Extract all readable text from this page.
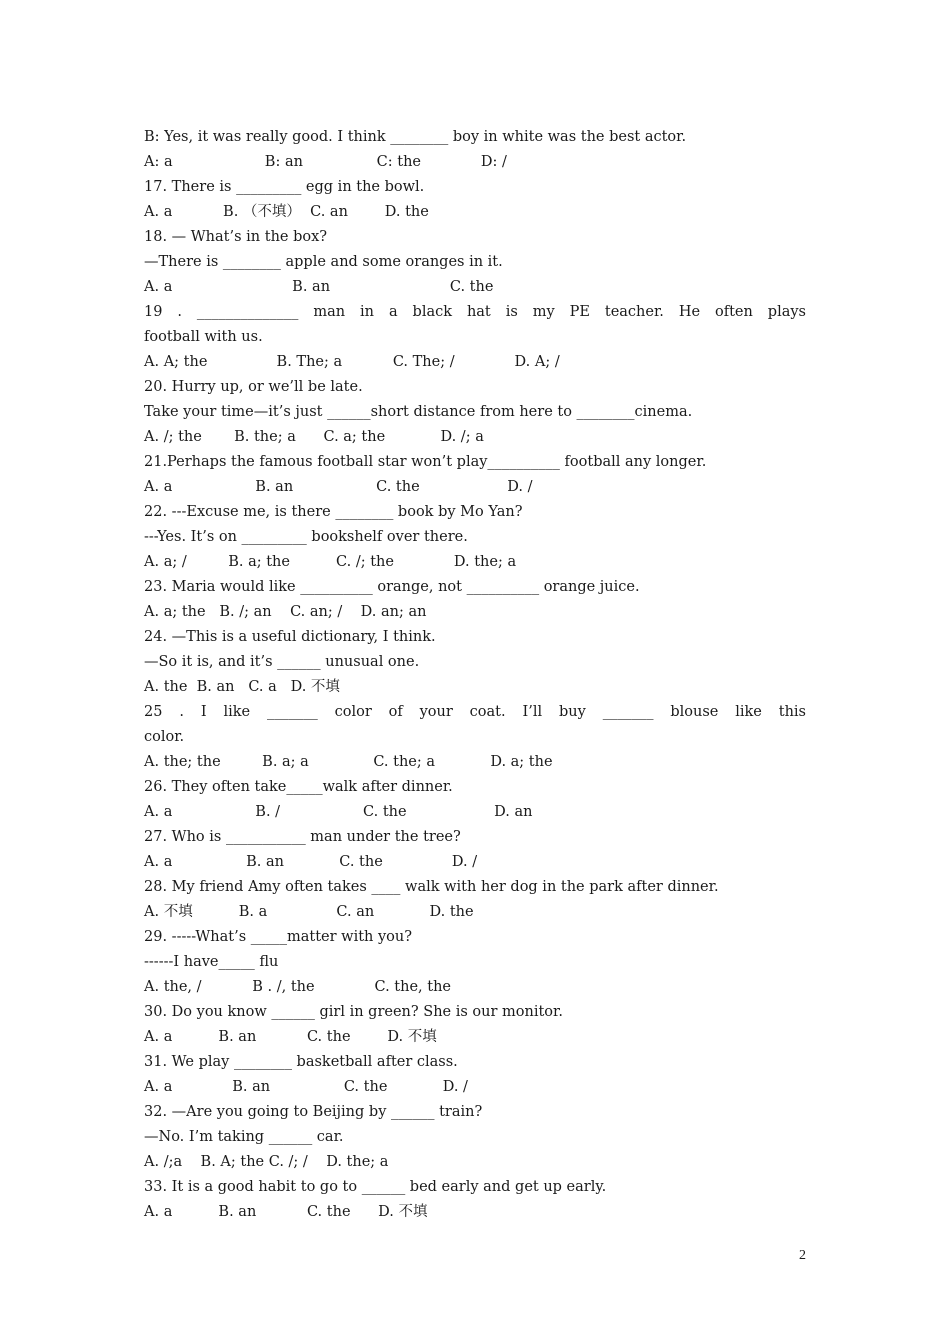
B: Yes, it was really good. I think ________ boy in white was the best actor.
A: a                    B: an                C: the             D: /
17. There is _________ egg in the bowl.
A. a           B. （不填）  C. an        D. the
18. — What’s in the box?
—There is ________ apple and some oranges in it.
A. a                          B. an                          C. the
19 . ______________ man in a black hat is my PE teacher. He often plays
football with us.
A. A; the               B. The; a           C. The; /             D. A; /
20. Hurry up, or we’ll be late.
Take your time—it’s just ______short distance from here to ________cinema.
A. /; the       B. the; a      C. a; the            D. /; a
21.Perhaps the famous football star won’t play__________ football any longer.
A. a                  B. an                  C. the                   D. /
22. ---Excuse me, is there ________ book by Mo Yan?
---Yes. It’s on _________ bookshelf over there.
A. a; /         B. a; the          C. /; the             D. the; a
23. Maria would like __________ orange, not __________ orange juice.
A. a; the   B. /; an    C. an; /    D. an; an
24. —This is a useful dictionary, I think.
—So it is, and it’s ______ unusual one.
A. the  B. an   C. a   D. 不填
25 . I like _______ color of your coat. I’ll buy _______ blouse like this
color.
A. the; the         B. a; a              C. the; a            D. a; the
26. They often take_____walk after dinner.
A. a                  B. /                  C. the                   D. an
27. Who is ___________ man under the tree?
A. a                B. an            C. the               D. /
28. My friend Amy often takes ____ walk with her dog in the park after dinner.
A. 不填          B. a               C. an            D. the
29. -----What’s _____matter with you?
------I have_____ flu
A. the, /           B . /, the             C. the, the
30. Do you know ______ girl in green? She is our monitor.
A. a          B. an           C. the        D. 不填
31. We play ________ basketball after class.
A. a             B. an                C. the            D. /
32. —Are you going to Beijing by ______ train?
—No. I’m taking ______ car.
A. /;a    B. A; the C. /; /    D. the; a
33. It is a good habit to go to ______ bed early and get up early.
A. a          B. an           C. the      D. 不填
2
